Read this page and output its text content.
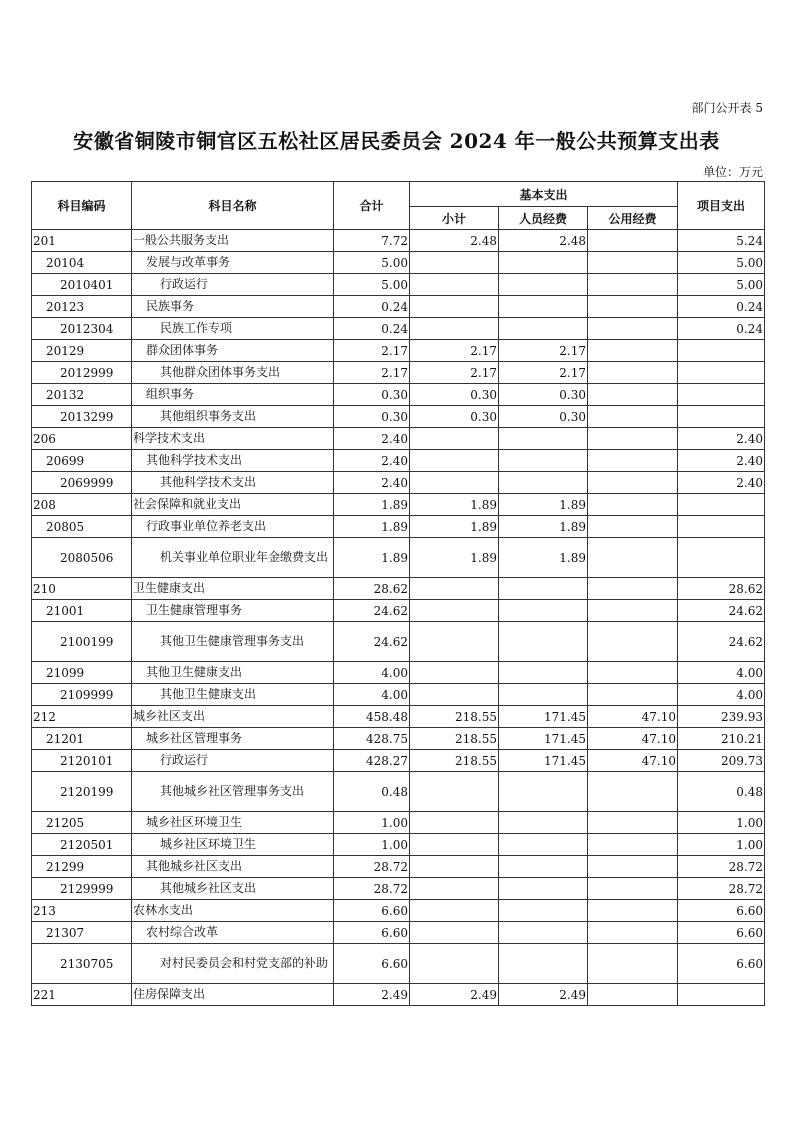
部门公开表 5
安徽省铜陵市铜官区五松社区居民委员会 2024 年一般公共预算支出表
单位：万元
科目编码	科目名称	合计	基本支出			项目支出
			小计	人员经费	公用经费	
201	一般公共服务支出	7.72	2.48	2.48		5.24
20104	发展与改革事务	5.00				5.00
2010401	行政运行	5.00				5.00
20123	民族事务	0.24				0.24
2012304	民族工作专项	0.24				0.24
20129	群众团体事务	2.17	2.17	2.17		
2012999	其他群众团体事务支出	2.17	2.17	2.17		
20132	组织事务	0.30	0.30	0.30		
2013299	其他组织事务支出	0.30	0.30	0.30		
206	科学技术支出	2.40				2.40
20699	其他科学技术支出	2.40				2.40
2069999	其他科学技术支出	2.40				2.40
208	社会保障和就业支出	1.89	1.89	1.89		
20805	行政事业单位养老支出	1.89	1.89	1.89		
2080506	机关事业单位职业年金缴费支出	1.89	1.89	1.89		
210	卫生健康支出	28.62				28.62
21001	卫生健康管理事务	24.62				24.62
2100199	其他卫生健康管理事务支出	24.62				24.62
21099	其他卫生健康支出	4.00				4.00
2109999	其他卫生健康支出	4.00				4.00
212	城乡社区支出	458.48	218.55	171.45	47.10	239.93
21201	城乡社区管理事务	428.75	218.55	171.45	47.10	210.21
2120101	行政运行	428.27	218.55	171.45	47.10	209.73
2120199	其他城乡社区管理事务支出	0.48				0.48
21205	城乡社区环境卫生	1.00				1.00
2120501	城乡社区环境卫生	1.00				1.00
21299	其他城乡社区支出	28.72				28.72
2129999	其他城乡社区支出	28.72				28.72
213	农林水支出	6.60				6.60
21307	农村综合改革	6.60				6.60
2130705	对村民委员会和村党支部的补助	6.60				6.60
221	住房保障支出	2.49	2.49	2.49		
